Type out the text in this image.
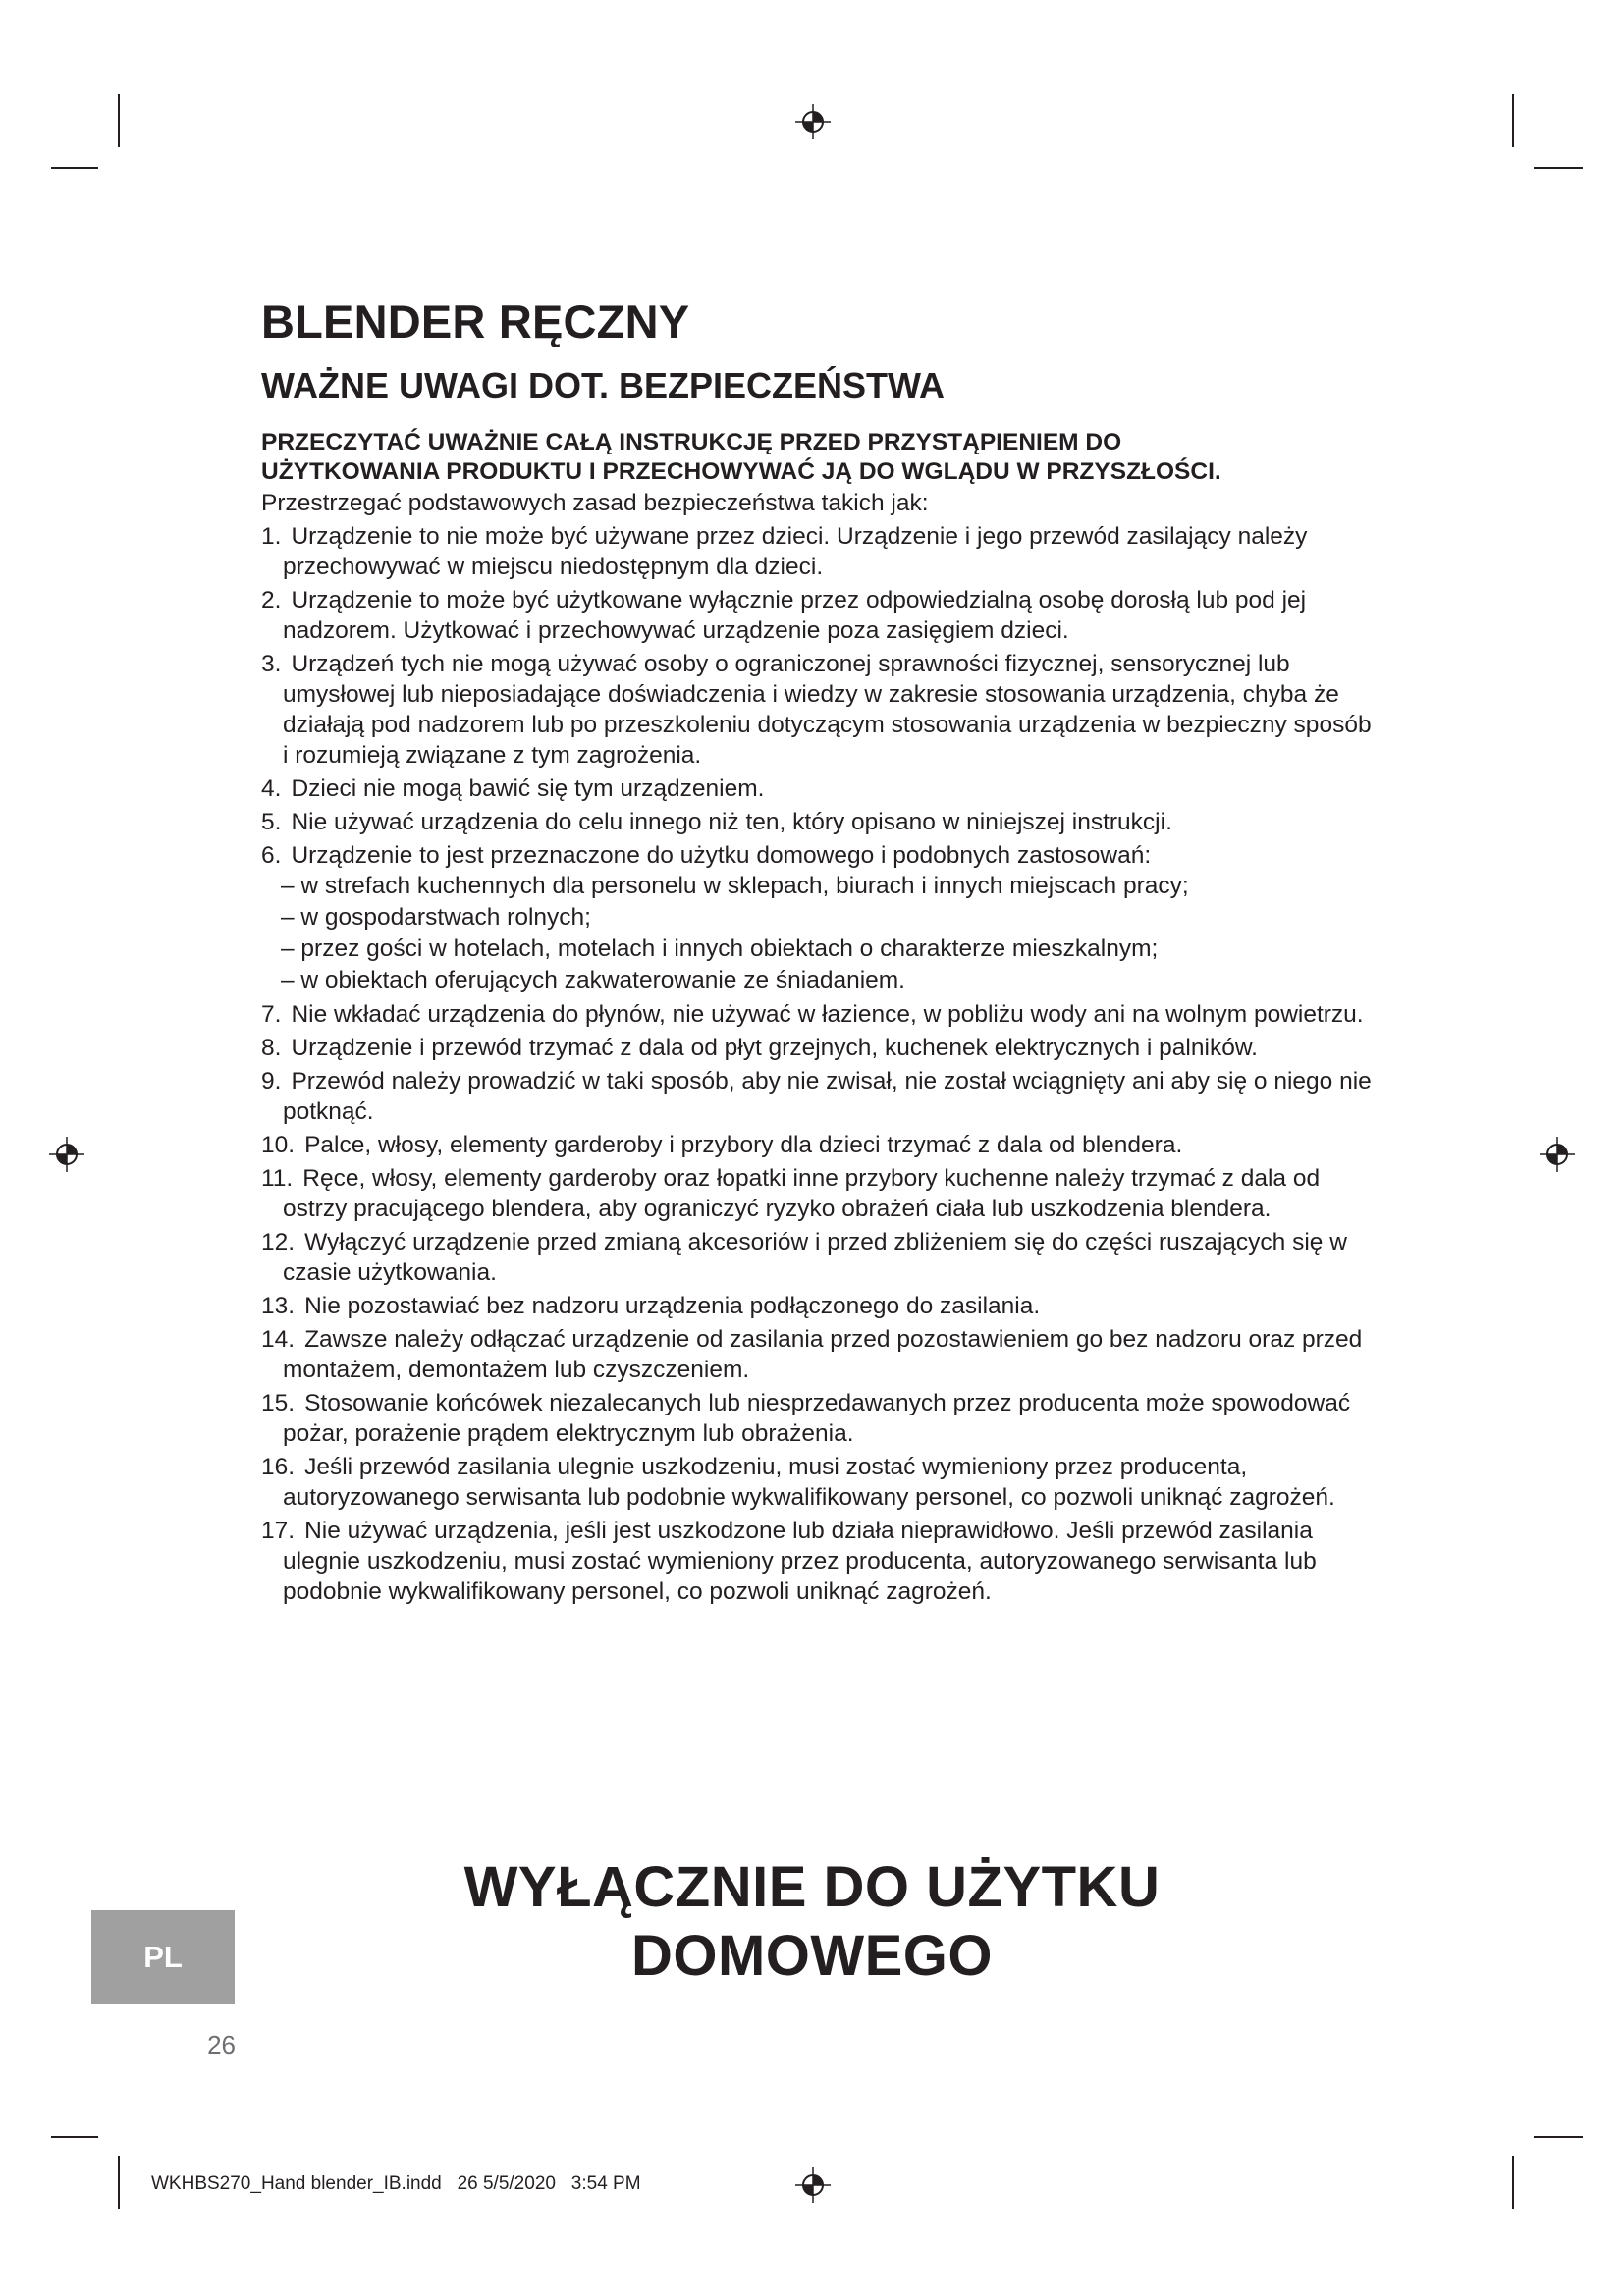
BLENDER RĘCZNY
WAŻNE UWAGI DOT. BEZPIECZEŃSTWA
PRZECZYTAĆ UWAŻNIE CAŁĄ INSTRUKCJĘ PRZED PRZYSTĄPIENIEM DO
UŻYTKOWANIA PRODUKTU I PRZECHOWYWAĆ JĄ DO WGLĄDU W PRZYSZŁOŚCI.
Przestrzegać podstawowych zasad bezpieczeństwa takich jak:
1. Urządzenie to nie może być używane przez dzieci. Urządzenie i jego przewód zasilający należy przechowywać w miejscu niedostępnym dla dzieci.
2. Urządzenie to może być użytkowane wyłącznie przez odpowiedzialną osobę dorosłą lub pod jej nadzorem. Użytkować i przechowywać urządzenie poza zasięgiem dzieci.
3. Urządzeń tych nie mogą używać osoby o ograniczonej sprawności fizycznej, sensorycznej lub umysłowej lub nieposiadające doświadczenia i wiedzy w zakresie stosowania urządzenia, chyba że działają pod nadzorem lub po przeszkoleniu dotyczącym stosowania urządzenia w bezpieczny sposób i rozumieją związane z tym zagrożenia.
4. Dzieci nie mogą bawić się tym urządzeniem.
5. Nie używać urządzenia do celu innego niż ten, który opisano w niniejszej instrukcji.
6. Urządzenie to jest przeznaczone do użytku domowego i podobnych zastosowań:
– w strefach kuchennych dla personelu w sklepach, biurach i innych miejscach pracy;
– w gospodarstwach rolnych;
– przez gości w hotelach, motelach i innych obiektach o charakterze mieszkalnym;
– w obiektach oferujących zakwaterowanie ze śniadaniem.
7. Nie wkładać urządzenia do płynów, nie używać w łazience, w pobliżu wody ani na wolnym powietrzu.
8. Urządzenie i przewód trzymać z dala od płyt grzejnych, kuchenek elektrycznych i palników.
9. Przewód należy prowadzić w taki sposób, aby nie zwisał, nie został wciągnięty ani aby się o niego nie potknąć.
10. Palce, włosy, elementy garderoby i przybory dla dzieci trzymać z dala od blendera.
11. Ręce, włosy, elementy garderoby oraz łopatki inne przybory kuchenne należy trzymać z dala od ostrzy pracującego blendera, aby ograniczyć ryzyko obrażeń ciała lub uszkodzenia blendera.
12. Wyłączyć urządzenie przed zmianą akcesoriów i przed zbliżeniem się do części ruszających się w czasie użytkowania.
13. Nie pozostawiać bez nadzoru urządzenia podłączonego do zasilania.
14. Zawsze należy odłączać urządzenie od zasilania przed pozostawieniem go bez nadzoru oraz przed montażem, demontażem lub czyszczeniem.
15. Stosowanie końcówek niezalecanych lub niesprzedawanych przez producenta może spowodować pożar, porażenie prądem elektrycznym lub obrażenia.
16. Jeśli przewód zasilania ulegnie uszkodzeniu, musi zostać wymieniony przez producenta, autoryzowanego serwisanta lub podobnie wykwalifikowany personel, co pozwoli uniknąć zagrożeń.
17. Nie używać urządzenia, jeśli jest uszkodzone lub działa nieprawidłowo. Jeśli przewód zasilania ulegnie uszkodzeniu, musi zostać wymieniony przez producenta, autoryzowanego serwisanta lub podobnie wykwalifikowany personel, co pozwoli uniknąć zagrożeń.
WYŁĄCZNIE DO UŻYTKU
DOMOWEGO
PL
26
WKHBS270_Hand blender_IB.indd   26 5/5/2020   3:54 PM
